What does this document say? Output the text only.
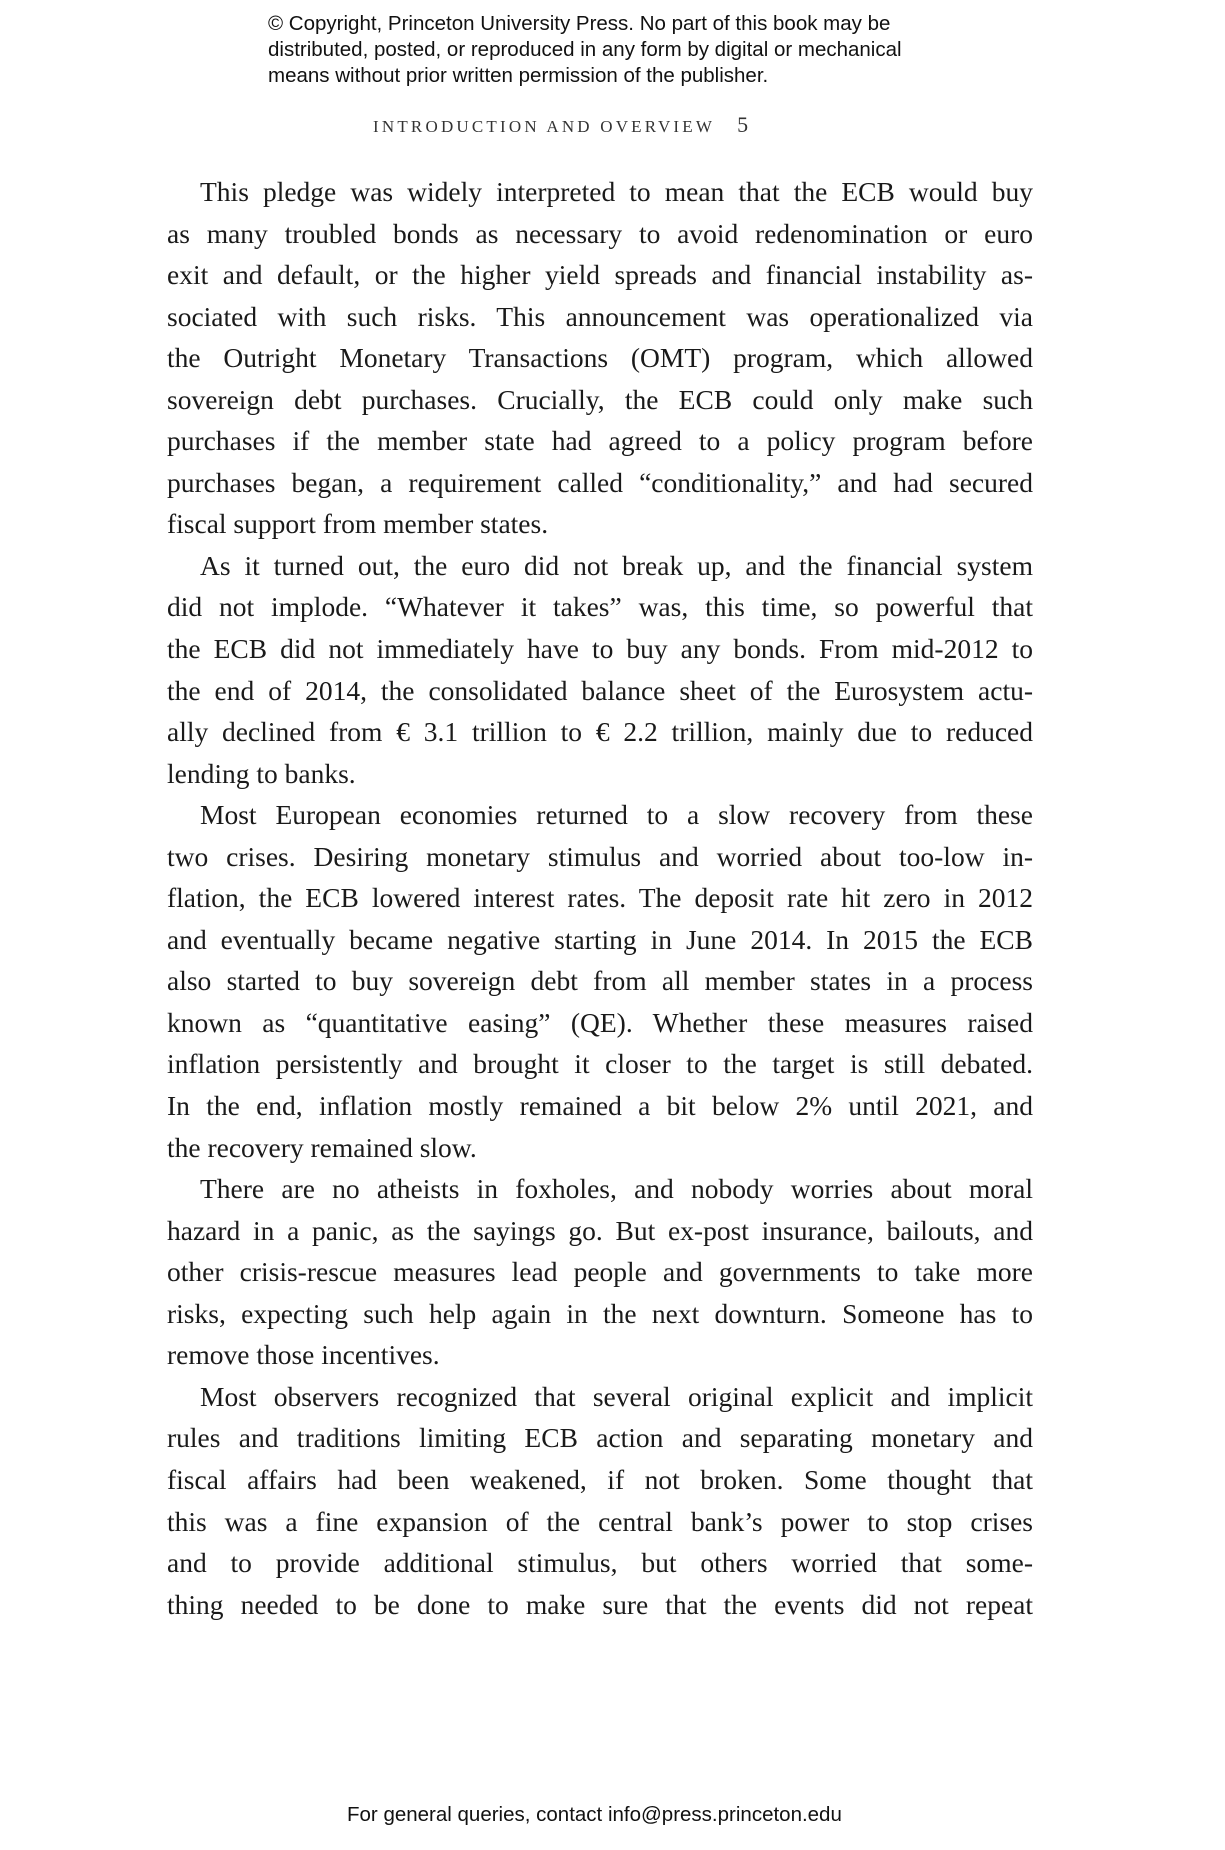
© Copyright, Princeton University Press. No part of this book may be
distributed, posted, or reproduced in any form by digital or mechanical
means without prior written permission of the publisher.
INTRODUCTION AND OVERVIEW 5
This pledge was widely interpreted to mean that the ECB would buy
as many troubled bonds as necessary to avoid redenomination or euro
exit and default, or the higher yield spreads and financial instability as-
sociated with such risks. This announcement was operationalized via
the Outright Monetary Transactions (OMT) program, which allowed
sovereign debt purchases. Crucially, the ECB could only make such
purchases if the member state had agreed to a policy program before
purchases began, a requirement called “conditionality,” and had secured
fiscal support from member states.
As it turned out, the euro did not break up, and the financial system
did not implode. “Whatever it takes” was, this time, so powerful that
the ECB did not immediately have to buy any bonds. From mid-2012 to
the end of 2014, the consolidated balance sheet of the Eurosystem actu-
ally declined from € 3.1 trillion to € 2.2 trillion, mainly due to reduced
lending to banks.
Most European economies returned to a slow recovery from these
two crises. Desiring monetary stimulus and worried about too-low in-
flation, the ECB lowered interest rates. The deposit rate hit zero in 2012
and eventually became negative starting in June 2014. In 2015 the ECB
also started to buy sovereign debt from all member states in a process
known as “quantitative easing” (QE). Whether these measures raised
inflation persistently and brought it closer to the target is still debated.
In the end, inflation mostly remained a bit below 2% until 2021, and
the recovery remained slow.
There are no atheists in foxholes, and nobody worries about moral
hazard in a panic, as the sayings go. But ex-post insurance, bailouts, and
other crisis-rescue measures lead people and governments to take more
risks, expecting such help again in the next downturn. Someone has to
remove those incentives.
Most observers recognized that several original explicit and implicit
rules and traditions limiting ECB action and separating monetary and
fiscal affairs had been weakened, if not broken. Some thought that
this was a fine expansion of the central bank’s power to stop crises
and to provide additional stimulus, but others worried that some-
thing needed to be done to make sure that the events did not repeat
For general queries, contact info@press.princeton.edu
